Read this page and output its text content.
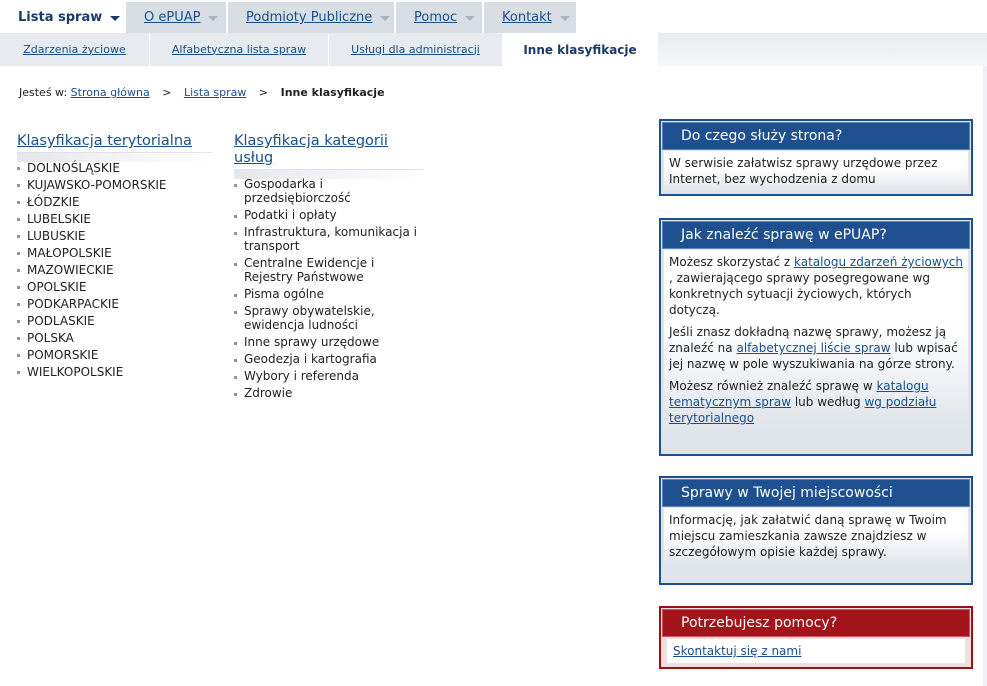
Lista spraw	O ePUAP	Podmioty Publiczne	Pomoc	Kontakt
Zdarzenia życiowe	Alfabetyczna lista spraw	Usługi dla administracji	Inne klasyfikacje
Jesteś w: Strona główna > Lista spraw > Inne klasyfikacje
Klasyfikacja terytorialna
DOLNOŚLĄSKIE
KUJAWSKO-POMORSKIE
ŁÓDZKIE
LUBELSKIE
LUBUSKIE
MAŁOPOLSKIE
MAZOWIECKIE
OPOLSKIE
PODKARPACKIE
PODLASKIE
POLSKA
POMORSKIE
WIELKOPOLSKIE
Klasyfikacja kategorii usług
Gospodarka i przedsiębiorczość
Podatki i opłaty
Infrastruktura, komunikacja i transport
Centralne Ewidencje i Rejestry Państwowe
Pisma ogólne
Sprawy obywatelskie, ewidencja ludności
Inne sprawy urzędowe
Geodezja i kartografia
Wybory i referenda
Zdrowie
Do czego służy strona?

W serwisie załatwisz sprawy urzędowe przez Internet, bez wychodzenia z domu

Jak znaleźć sprawę w ePUAP?

Możesz skorzystać z katalogu zdarzeń życiowych , zawierającego sprawy posegregowane wg konkretnych sytuacji życiowych, których dotyczą.

Jeśli znasz dokładną nazwę sprawy, możesz ją znaleźć na alfabetycznej liście spraw lub wpisać jej nazwę w pole wyszukiwania na górze strony.

Możesz również znaleźć sprawę w katalogu tematycznym spraw lub według wg podziału terytorialnego

Sprawy w Twojej miejscowości

Informację, jak załatwić daną sprawę w Twoim miejscu zamieszkania zawsze znajdziesz w szczegółowym opisie każdej sprawy.

Potrzebujesz pomocy?
Skontaktuj się z nami
